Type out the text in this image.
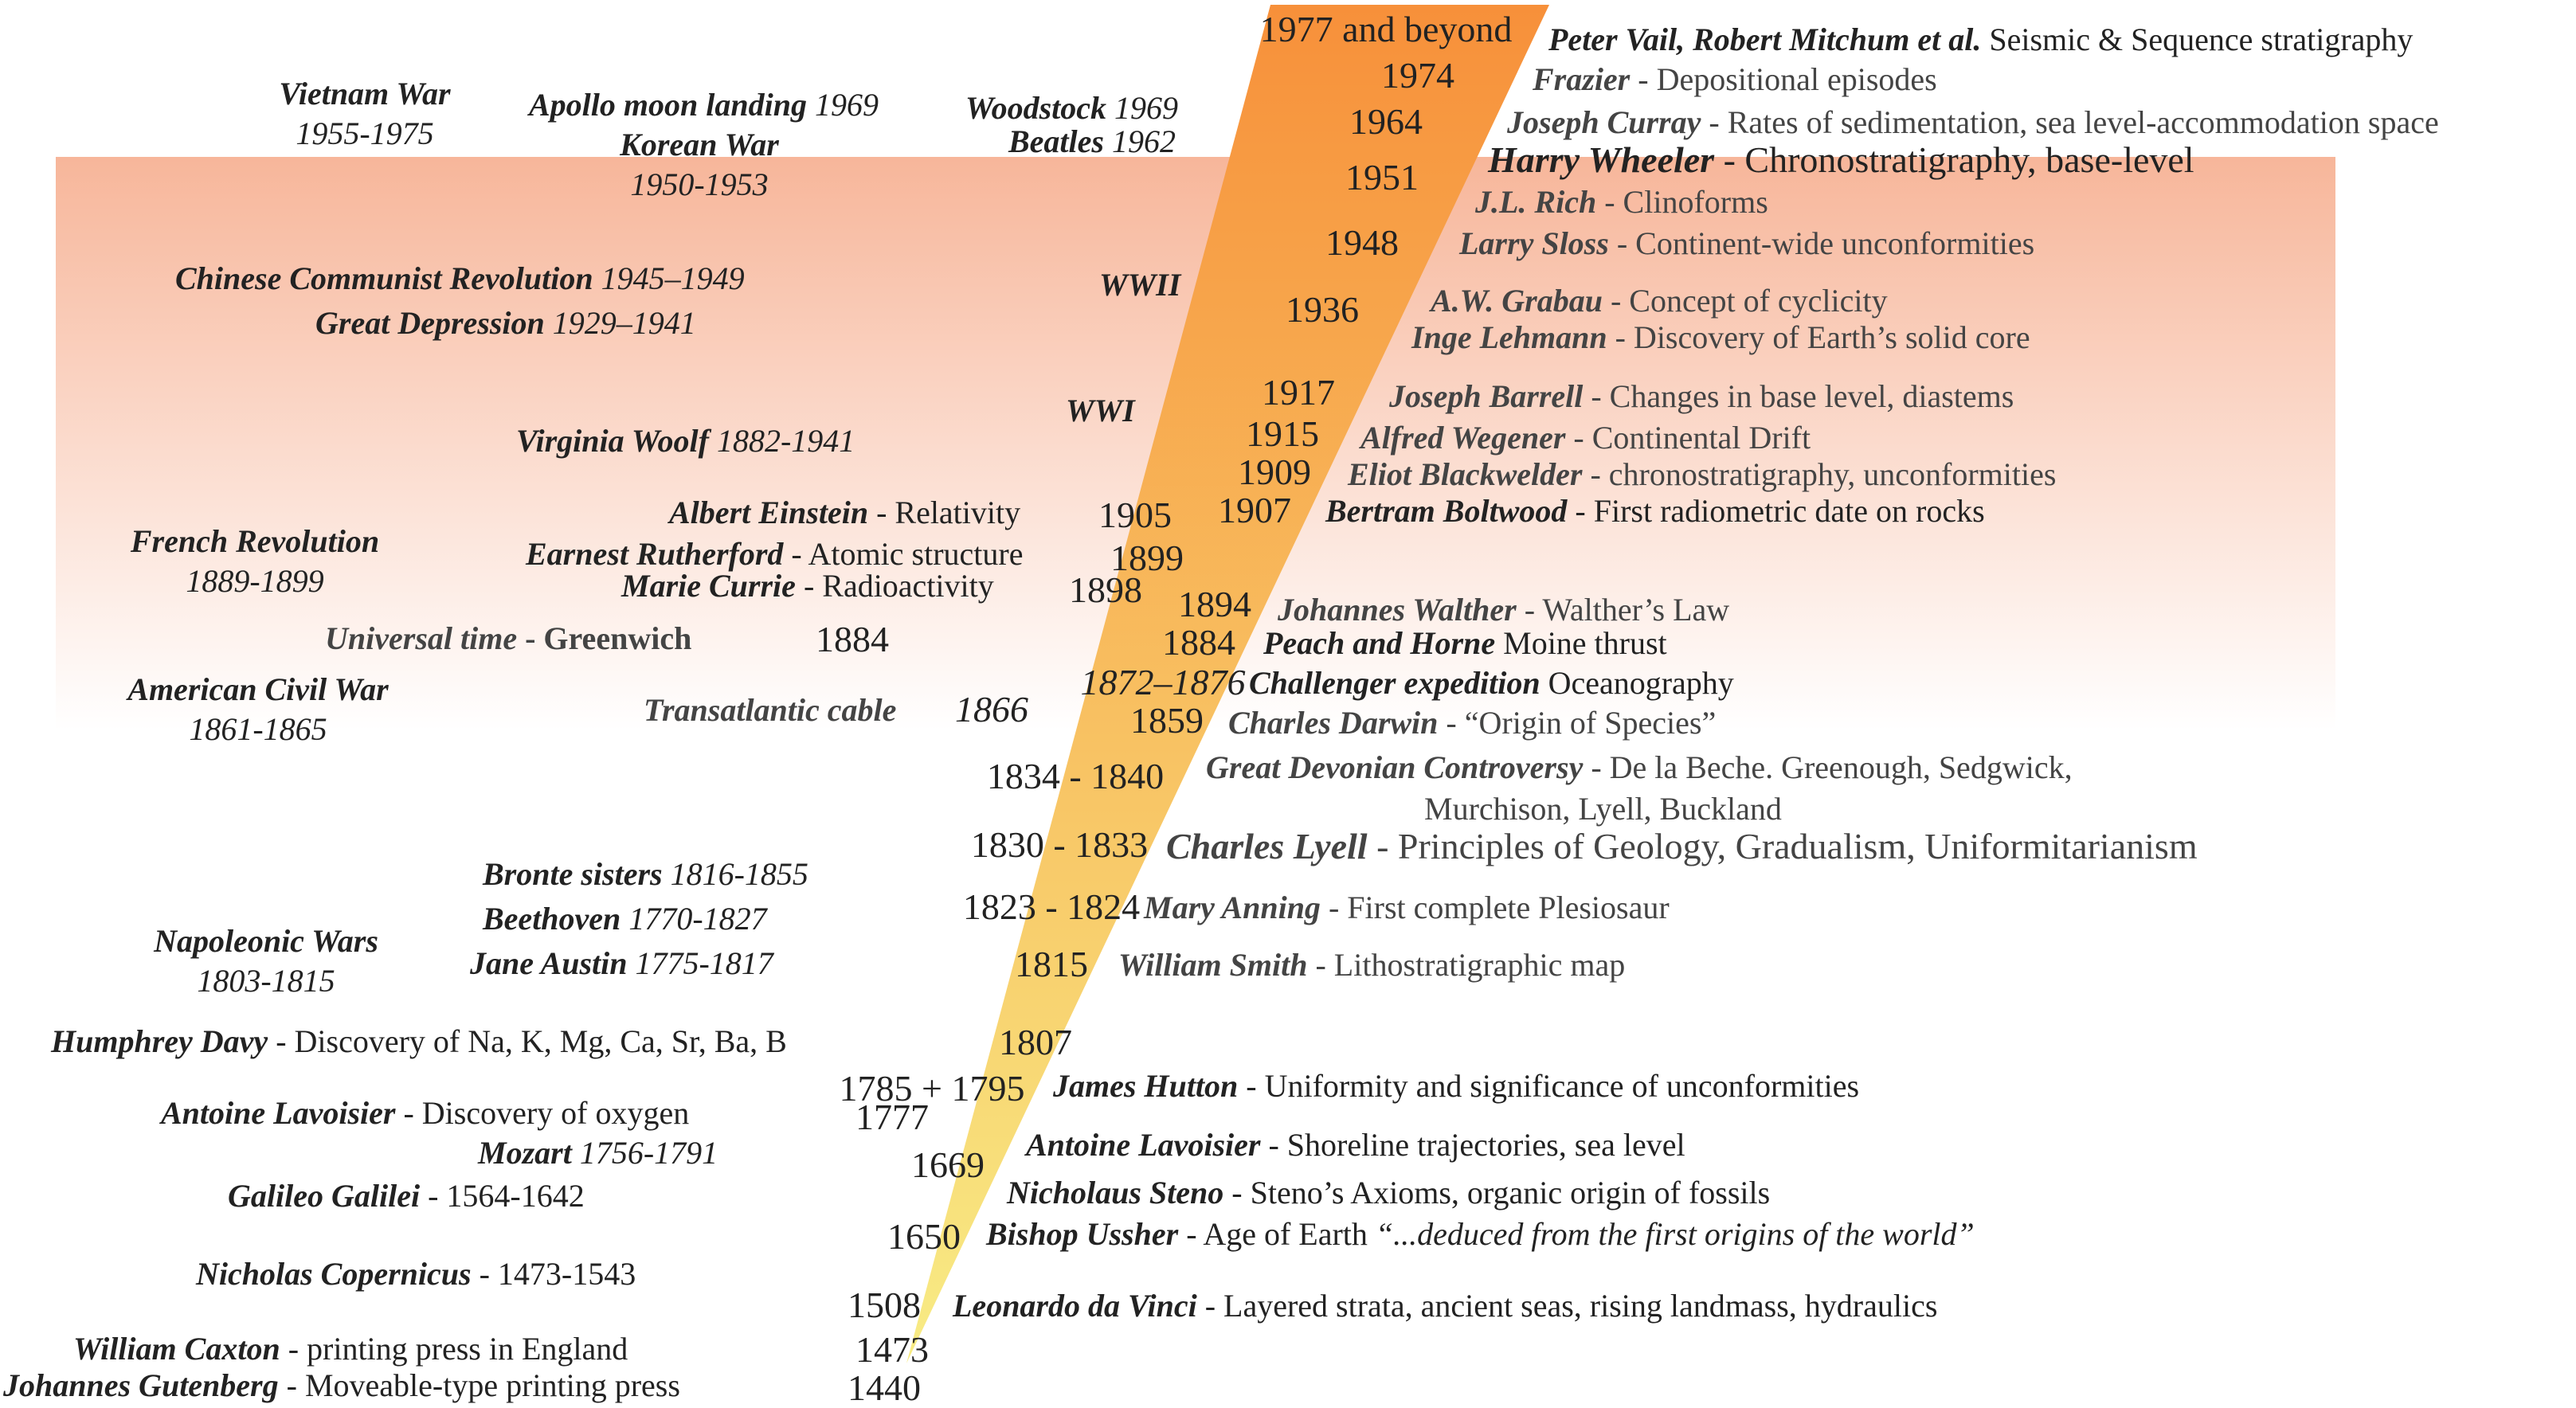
1977 and beyond
1974
1964
1951
1948
1936
1917
1915
1909
1907
1905
1899
1898 1894
1884
1884
1872–1876
1866	1859
1834 - 1840
1830 - 1833
1823 - 1824
1815
1807
1785 + 1795
1777
1669
1650
1508
1473
1440
Peter Vail, Robert Mitchum et al. Seismic & Sequence stratigraphy
Frazier - Depositional episodes
Joseph Curray - Rates of sedimentation, sea level-accommodation space
Harry Wheeler - Chronostratigraphy, base-level
J.L. Rich - Clinoforms
Larry Sloss - Continent-wide unconformities
A.W. Grabau - Concept of cyclicity
Inge Lehmann - Discovery of Earth’s solid core
Joseph Barrell - Changes in base level, diastems
Alfred Wegener - Continental Drift
Eliot Blackwelder - chronostratigraphy, unconformities
Bertram Boltwood - First radiometric date on rocks
Johannes Walther - Walther’s Law
Peach and Horne Moine thrust
Challenger expedition Oceanography
Charles Darwin - “Origin of Species”
Great Devonian Controversy - De la Beche. Greenough, Sedgwick,
Murchison, Lyell, Buckland
Charles Lyell - Principles of Geology, Gradualism, Uniformitarianism
Mary Anning - First complete Plesiosaur
William Smith - Lithostratigraphic map
James Hutton - Uniformity and significance of unconformities
Antoine Lavoisier - Shoreline trajectories, sea level
Nicholaus Steno - Steno’s Axioms, organic origin of fossils
Bishop Ussher - Age of Earth “...deduced from the first origins of the world”
Leonardo da Vinci - Layered strata, ancient seas, rising landmass, hydraulics
Vietnam War
1955-1975
Apollo moon landing 1969
Korean War
1950-1953
Woodstock 1969
Beatles 1962
Chinese Communist Revolution 1945–1949
Great Depression 1929–1941
WWII
WWI
Virginia Woolf 1882-1941
French Revolution
1889-1899
American Civil War
1861-1865
Napoleonic Wars
1803-1815
Bronte sisters 1816-1855
Beethoven 1770-1827
Jane Austin 1775-1817
Mozart 1756-1791
Albert Einstein - Relativity
Earnest Rutherford - Atomic structure
Marie Currie - Radioactivity
Universal time - Greenwich
Transatlantic cable
Humphrey Davy - Discovery of Na, K, Mg, Ca, Sr, Ba, B
Antoine Lavoisier - Discovery of oxygen
Galileo Galilei - 1564-1642
Nicholas Copernicus - 1473-1543
William Caxton - printing press in England
Johannes Gutenberg - Moveable-type printing press
